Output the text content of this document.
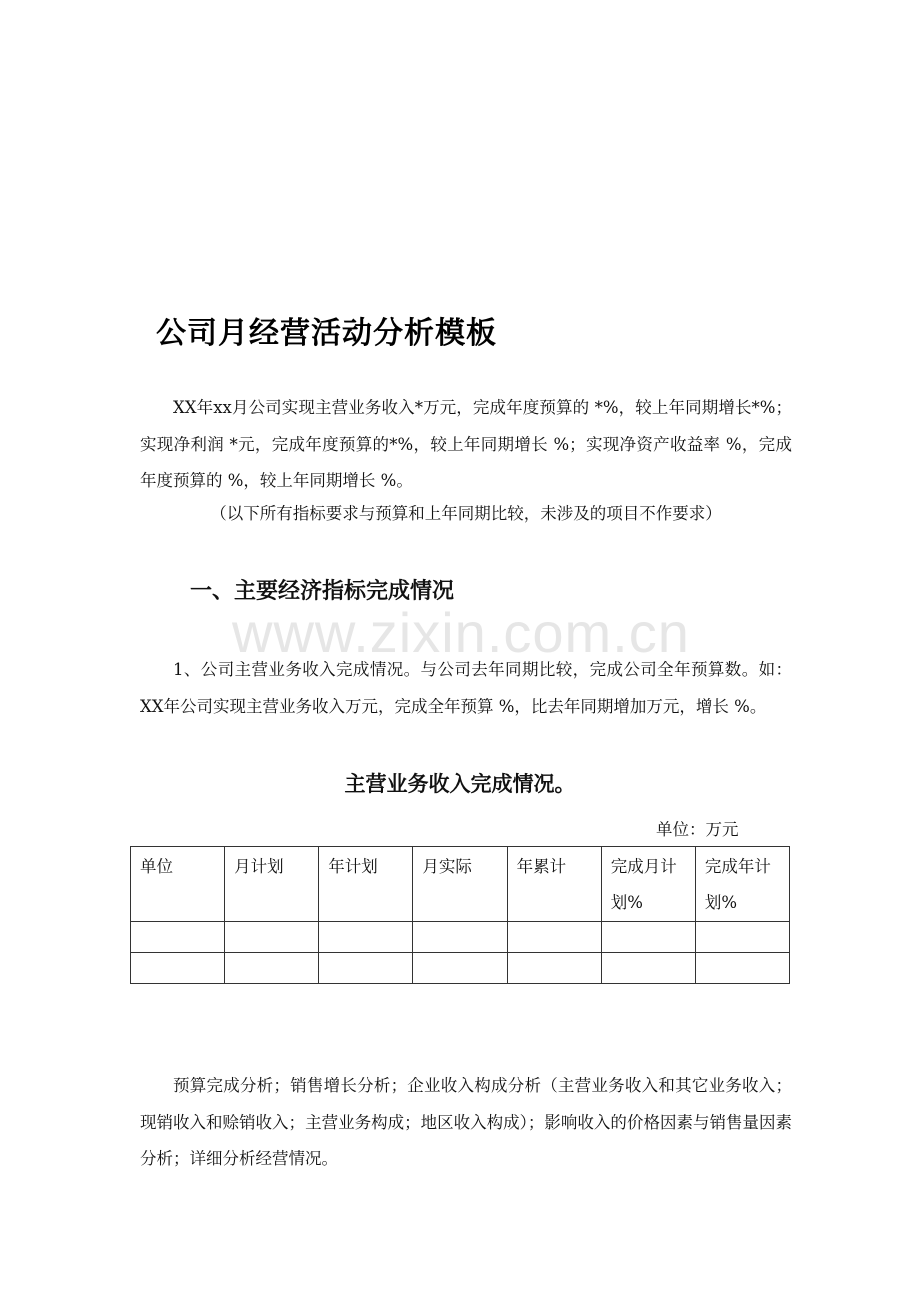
公司月经营活动分析模板

XX年xx月公司实现主营业务收入*万元，完成年度预算的 *%，较上年同期增长*%；实现净利润 *元，完成年度预算的*%，较上年同期增长 %；实现净资产收益率 %，完成年度预算的 %，较上年同期增长 %。

（以下所有指标要求与预算和上年同期比较，未涉及的项目不作要求）

一、主要经济指标完成情况
www.zixin.com.cn

1、公司主营业务收入完成情况。与公司去年同期比较，完成公司全年预算数。如：XX年公司实现主营业务收入万元，完成全年预算 %，比去年同期增加万元，增长 %。

主营业务收入完成情况。

单位：万元

单位	月计划	年计划	月实际	年累计	完成月计划%	完成年计划%

预算完成分析；销售增长分析；企业收入构成分析（主营业务收入和其它业务收入；现销收入和赊销收入；主营业务构成；地区收入构成）；影响收入的价格因素与销售量因素分析；详细分析经营情况。
